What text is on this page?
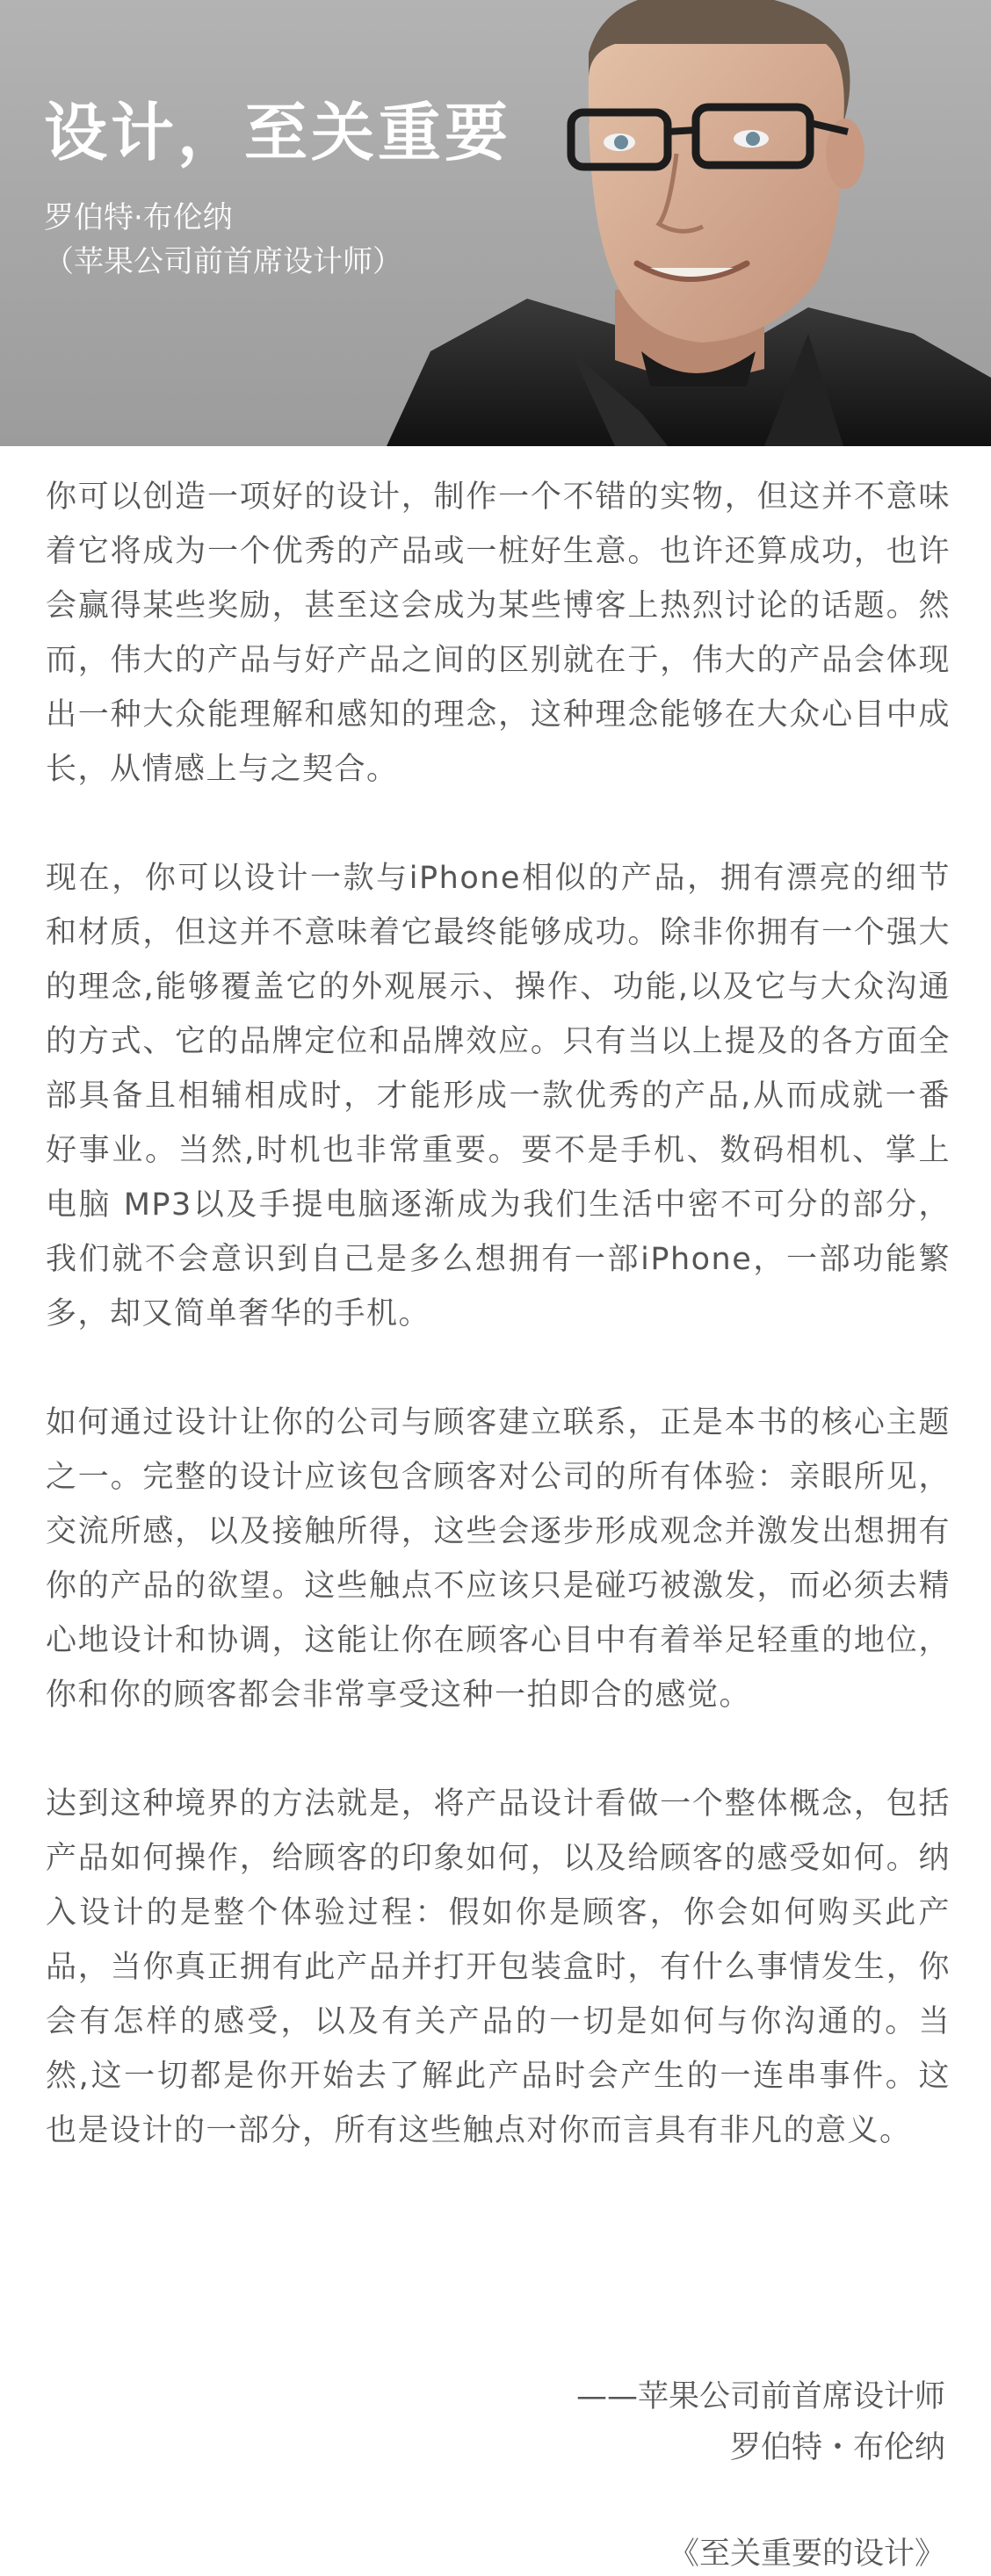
设计，至关重要
罗伯特·布伦纳
（苹果公司前首席设计师）

你可以创造一项好的设计，制作一个不错的实物，但这并不意味着它将成为一个优秀的产品或一桩好生意。也许还算成功，也许会赢得某些奖励，甚至这会成为某些博客上热烈讨论的话题。然而，伟大的产品与好产品之间的区别就在于，伟大的产品会体现出一种大众能理解和感知的理念，这种理念能够在大众心目中成长，从情感上与之契合。

现在，你可以设计一款与iPhone相似的产品，拥有漂亮的细节和材质，但这并不意味着它最终能够成功。除非你拥有一个强大的理念,能够覆盖它的外观展示、操作、功能,以及它与大众沟通的方式、它的品牌定位和品牌效应。只有当以上提及的各方面全部具备且相辅相成时，才能形成一款优秀的产品,从而成就一番好事业。当然,时机也非常重要。要不是手机、数码相机、掌上电脑 MP3以及手提电脑逐渐成为我们生活中密不可分的部分，我们就不会意识到自己是多么想拥有一部iPhone，一部功能繁多，却又简单奢华的手机。

如何通过设计让你的公司与顾客建立联系，正是本书的核心主题之一。完整的设计应该包含顾客对公司的所有体验：亲眼所见，交流所感，以及接触所得，这些会逐步形成观念并激发出想拥有你的产品的欲望。这些触点不应该只是碰巧被激发，而必须去精心地设计和协调，这能让你在顾客心目中有着举足轻重的地位，你和你的顾客都会非常享受这种一拍即合的感觉。

达到这种境界的方法就是，将产品设计看做一个整体概念，包括产品如何操作，给顾客的印象如何，以及给顾客的感受如何。纳入设计的是整个体验过程：假如你是顾客，你会如何购买此产品，当你真正拥有此产品并打开包装盒时，有什么事情发生，你会有怎样的感受，以及有关产品的一切是如何与你沟通的。当然,这一切都是你开始去了解此产品时会产生的一连串事件。这也是设计的一部分，所有这些触点对你而言具有非凡的意义。

——苹果公司前首席设计师
罗伯特・布伦纳
《至关重要的设计》
